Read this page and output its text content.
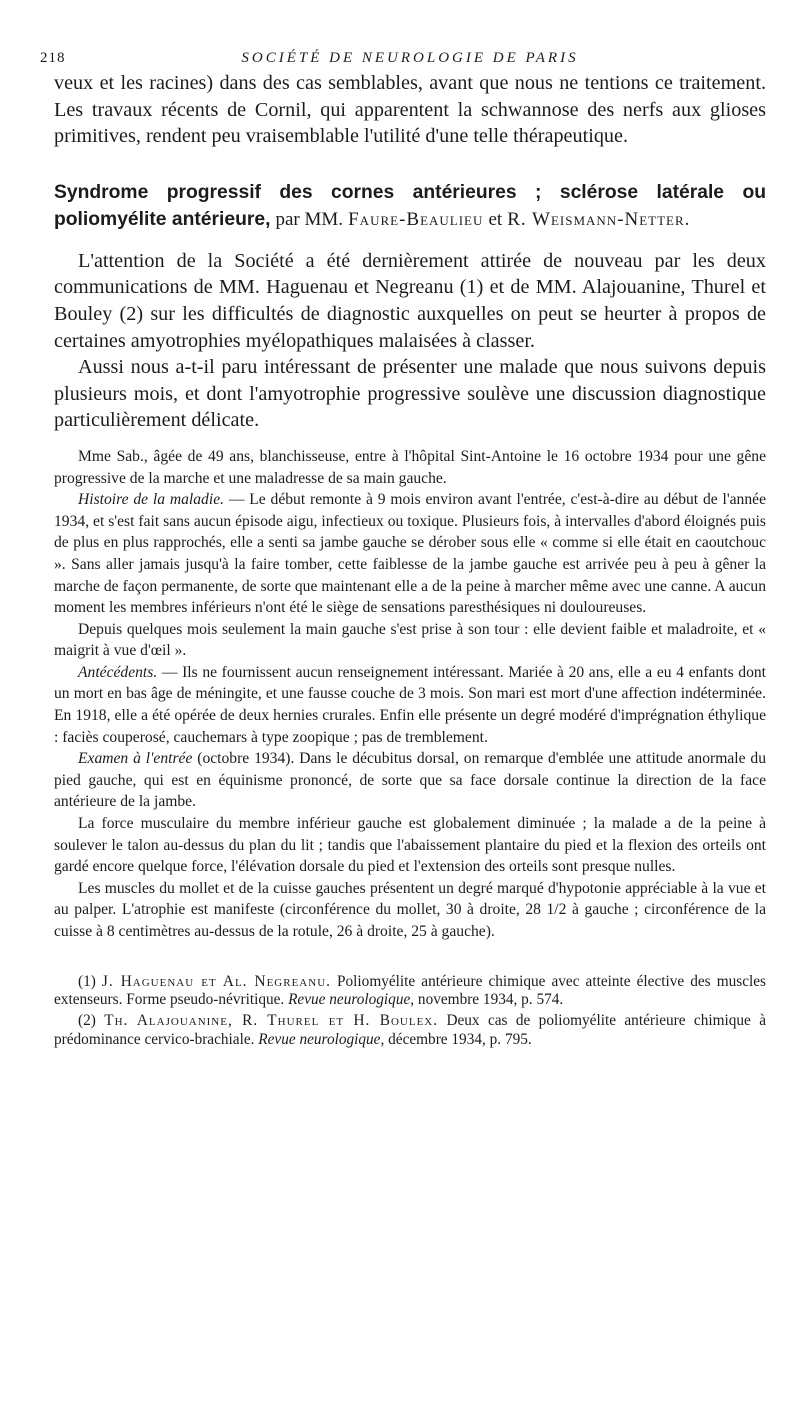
218	SOCIÉTÉ DE NEUROLOGIE DE PARIS

veux et les racines) dans des cas semblables, avant que nous ne tentions ce traitement. Les travaux récents de Cornil, qui apparentent la schwannose des nerfs aux glioses primitives, rendent peu vraisemblable l'utilité d'une telle thérapeutique.

Syndrome progressif des cornes antérieures ; sclérose latérale ou poliomyélite antérieure, par MM. Faure-Beaulieu et R. Weismann-Netter.

L'attention de la Société a été dernièrement attirée de nouveau par les deux communications de MM. Haguenau et Negreanu (1) et de MM. Alajouanine, Thurel et Bouley (2) sur les difficultés de diagnostic auxquelles on peut se heurter à propos de certaines amyotrophies myélopathiques malaisées à classer.

Aussi nous a-t-il paru intéressant de présenter une malade que nous suivons depuis plusieurs mois, et dont l'amyotrophie progressive soulève une discussion diagnostique particulièrement délicate.

Mme Sab., âgée de 49 ans, blanchisseuse, entre à l'hôpital Sint-Antoine le 16 octobre 1934 pour une gêne progressive de la marche et une maladresse de sa main gauche.

Histoire de la maladie. — Le début remonte à 9 mois environ avant l'entrée, c'est-à-dire au début de l'année 1934, et s'est fait sans aucun épisode aigu, infectieux ou toxique. Plusieurs fois, à intervalles d'abord éloignés puis de plus en plus rapprochés, elle a senti sa jambe gauche se dérober sous elle « comme si elle était en caoutchouc ». Sans aller jamais jusqu'à la faire tomber, cette faiblesse de la jambe gauche est arrivée peu à peu à gêner la marche de façon permanente, de sorte que maintenant elle a de la peine à marcher même avec une canne. A aucun moment les membres inférieurs n'ont été le siège de sensations paresthésiques ni douloureuses.

Depuis quelques mois seulement la main gauche s'est prise à son tour : elle devient faible et maladroite, et « maigrit à vue d'œil ».

Antécédents. — Ils ne fournissent aucun renseignement intéressant. Mariée à 20 ans, elle a eu 4 enfants dont un mort en bas âge de méningite, et une fausse couche de 3 mois. Son mari est mort d'une affection indéterminée. En 1918, elle a été opérée de deux hernies crurales. Enfin elle présente un degré modéré d'imprégnation éthylique : faciès couperosé, cauchemars à type zoopique ; pas de tremblement.

Examen à l'entrée (octobre 1934). Dans le décubitus dorsal, on remarque d'emblée une attitude anormale du pied gauche, qui est en équinisme prononcé, de sorte que sa face dorsale continue la direction de la face antérieure de la jambe.

La force musculaire du membre inférieur gauche est globalement diminuée ; la malade a de la peine à soulever le talon au-dessus du plan du lit ; tandis que l'abaissement plantaire du pied et la flexion des orteils ont gardé encore quelque force, l'élévation dorsale du pied et l'extension des orteils sont presque nulles.

Les muscles du mollet et de la cuisse gauches présentent un degré marqué d'hypotonie appréciable à la vue et au palper. L'atrophie est manifeste (circonférence du mollet, 30 à droite, 28 1/2 à gauche ; circonférence de la cuisse à 8 centimètres au-dessus de la rotule, 26 à droite, 25 à gauche).

(1) J. Haguenau et Al. Negreanu. Poliomyélite antérieure chimique avec atteinte élective des muscles extenseurs. Forme pseudo-névritique. Revue neurologique, novembre 1934, p. 574.

(2) Th. Alajouanine, R. Thurel et H. Boulex. Deux cas de poliomyélite antérieure chimique à prédominance cervico-brachiale. Revue neurologique, décembre 1934, p. 795.
